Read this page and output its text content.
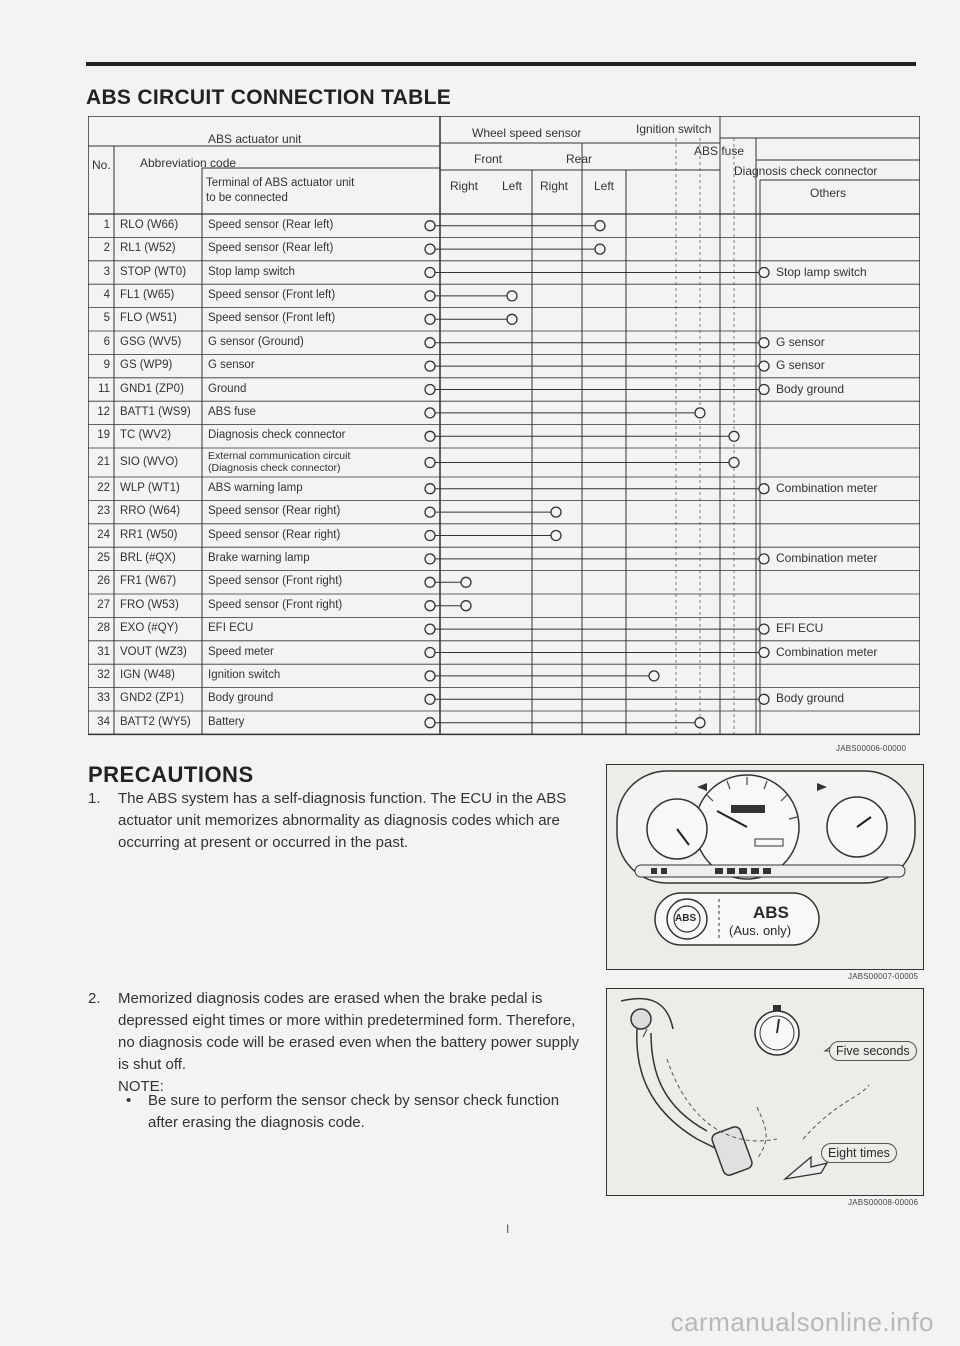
ABS CIRCUIT CONNECTION TABLE
ABS actuator unit
No. Abbreviation code
Terminal of ABS actuator unit
to be connected
Wheel speed sensor
Front	Rear
Right Left Right Left
Ignition switch
ABS fuse
Diagnosis check connector
Others
1 RLO (W66)	Speed sensor (Rear left)
2 RL1 (W52)	Speed sensor (Rear left)
3 STOP (WT0) Stop lamp switch	Stop lamp switch
4 FL1 (W65)	Speed sensor (Front left)
5 FLO (W51)	Speed sensor (Front left)
6 GSG (WV5) G sensor (Ground)	G sensor
9 GS (WP9)	G sensor	G sensor
11 GND1 (ZP0) Ground	Body ground
12 BATT1 (WS9) ABS fuse
19 TC (WV2)	Diagnosis check connector
21 SIO (WVO)	External communication circuit
(Diagnosis check connector)
22 WLP (WT1) ABS warning lamp	Combination meter
23 RRO (W64) Speed sensor (Rear right)
24 RR1 (W50)	Speed sensor (Rear right)
25 BRL (#QX)	Brake warning lamp	Combination meter
26 FR1 (W67)	Speed sensor (Front right)
27 FRO (W53)	Speed sensor (Front right)
28 EXO (#QY)	EFI ECU	EFI ECU
31 VOUT (WZ3) Speed meter	Combination meter
32 IGN (W48)	Ignition switch
33 GND2 (ZP1) Body ground	Body ground
34 BATT2 (WY5) Battery
JABS00006-00000
PRECAUTIONS
1. The ABS system has a self-diagnosis function. The ECU in the ABS actuator unit memorizes abnormality as diagnosis codes which are occurring at present or occurred in the past.
2. Memorized diagnosis codes are erased when the brake pedal is depressed eight times or more within predetermined form. Therefore, no diagnosis code will be erased even when the battery power supply is shut off.
NOTE:
• Be sure to perform the sensor check by sensor check function after erasing the diagnosis code.
ABS	ABS
(Aus. only)
JABS00007-00005
Five seconds
Eight times
JABS00008-00006
I
carmanualsonline.info
